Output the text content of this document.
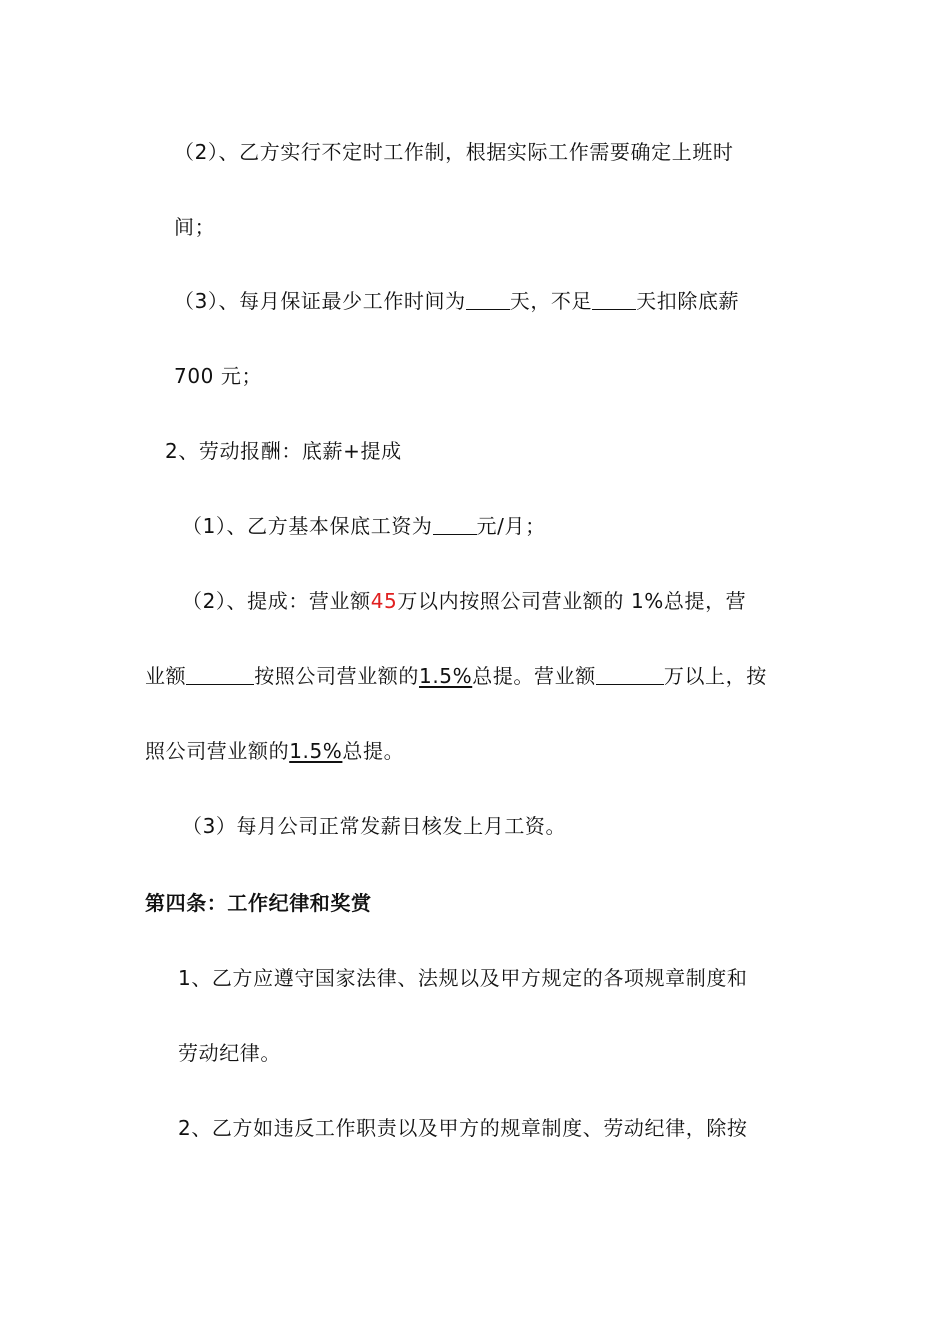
（2）、乙方实行不定时工作制，根据实际工作需要确定上班时
间；
（3）、每月保证最少工作时间为 天，不足 天扣除底薪
700 元；
2、劳动报酬：底薪+提成
（1）、乙方基本保底工资为 元/月；
（2）、提成：营业额45万以内按照公司营业额的 1%总提，营
业额	按照公司营业额的1.5%总提。营业额	万以上，按
照公司营业额的1.5%总提。
（3）每月公司正常发薪日核发上月工资。
第四条：工作纪律和奖赏
1、乙方应遵守国家法律、法规以及甲方规定的各项规章制度和
劳动纪律。
2、乙方如违反工作职责以及甲方的规章制度、劳动纪律，除按
